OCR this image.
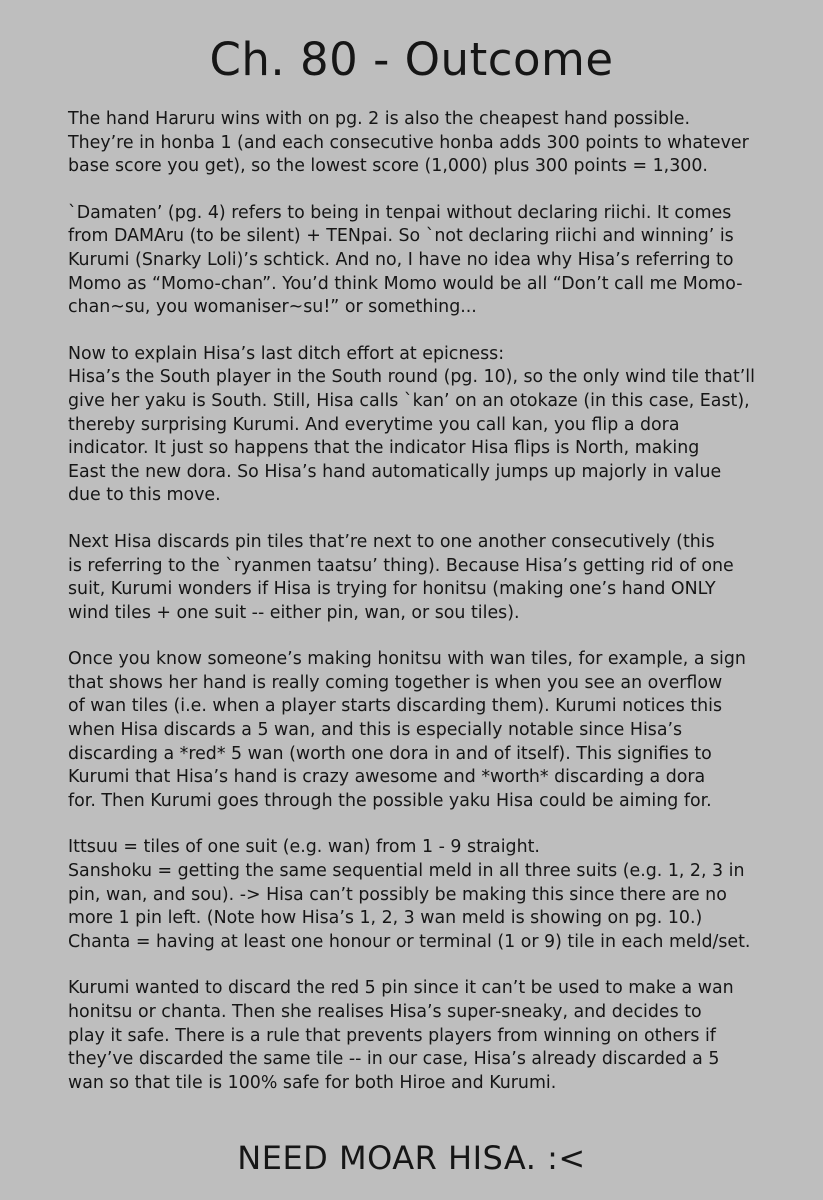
Ch. 80 - Outcome
The hand Haruru wins with on pg. 2 is also the cheapest hand possible.
They’re in honba 1 (and each consecutive honba adds 300 points to whatever
base score you get), so the lowest score (1,000) plus 300 points = 1,300.
`Damaten’ (pg. 4) refers to being in tenpai without declaring riichi. It comes
from DAMAru (to be silent) + TENpai. So `not declaring riichi and winning’ is
Kurumi (Snarky Loli)’s schtick. And no, I have no idea why Hisa’s referring to
Momo as “Momo-chan”. You’d think Momo would be all “Don’t call me Momo-
chan~su, you womaniser~su!” or something...
Now to explain Hisa’s last ditch effort at epicness:
Hisa’s the South player in the South round (pg. 10), so the only wind tile that’ll
give her yaku is South. Still, Hisa calls `kan’ on an otokaze (in this case, East),
thereby surprising Kurumi. And everytime you call kan, you flip a dora
indicator. It just so happens that the indicator Hisa flips is North, making
East the new dora. So Hisa’s hand automatically jumps up majorly in value
due to this move.
Next Hisa discards pin tiles that’re next to one another consecutively (this
is referring to the `ryanmen taatsu’ thing). Because Hisa’s getting rid of one
suit, Kurumi wonders if Hisa is trying for honitsu (making one’s hand ONLY
wind tiles + one suit -- either pin, wan, or sou tiles).
Once you know someone’s making honitsu with wan tiles, for example, a sign
that shows her hand is really coming together is when you see an overflow
of wan tiles (i.e. when a player starts discarding them). Kurumi notices this
when Hisa discards a 5 wan, and this is especially notable since Hisa’s
discarding a *red* 5 wan (worth one dora in and of itself). This signifies to
Kurumi that Hisa’s hand is crazy awesome and *worth* discarding a dora
for. Then Kurumi goes through the possible yaku Hisa could be aiming for.
Ittsuu = tiles of one suit (e.g. wan) from 1 - 9 straight.
Sanshoku = getting the same sequential meld in all three suits (e.g. 1, 2, 3 in
pin, wan, and sou). -> Hisa can’t possibly be making this since there are no
more 1 pin left. (Note how Hisa’s 1, 2, 3 wan meld is showing on pg. 10.)
Chanta = having at least one honour or terminal (1 or 9) tile in each meld/set.
Kurumi wanted to discard the red 5 pin since it can’t be used to make a wan
honitsu or chanta. Then she realises Hisa’s super-sneaky, and decides to
play it safe. There is a rule that prevents players from winning on others if
they’ve discarded the same tile -- in our case, Hisa’s already discarded a 5
wan so that tile is 100% safe for both Hiroe and Kurumi.
NEED MOAR HISA. :<
